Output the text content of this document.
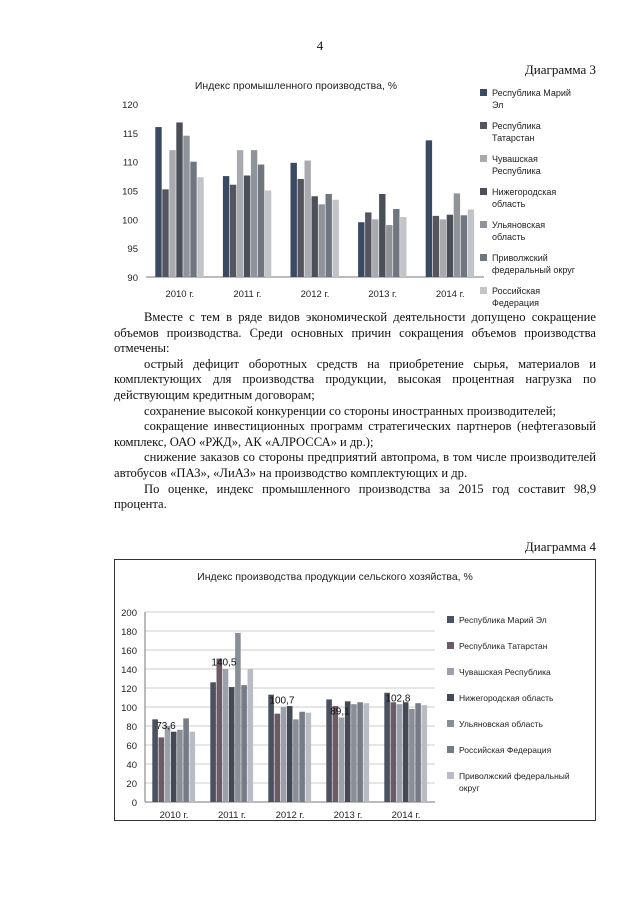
4
Диаграмма 3
Индекс промышленного производства, %
90
95
100
105
110
115
120
2010 г.	2011 г.	2012 г.	2013 г.	2014 г.
Республика Марий
Эл
Республика
Татарстан
Чувашская
Республика
Нижегородская
область
Ульяновская
область
Приволжский
федеральный округ
Российская
Федерация

Вместе с тем в ряде видов экономической деятельности допущено сокращение объемов производства. Среди основных причин сокращения объемов производства отмечены:

острый дефицит оборотных средств на приобретение сырья, материалов и комплектующих для производства продукции, высокая процентная нагрузка по действующим кредитным договорам;

сохранение высокой конкуренции со стороны иностранных производителей;

сокращение инвестиционных программ стратегических партнеров (нефтегазовый комплекс, ОАО «РЖД», АК «АЛРОССА» и др.);

снижение заказов со стороны предприятий автопрома, в том числе производителей автобусов «ПАЗ», «ЛиАЗ» на производство комплектующих и др.

По оценке, индекс промышленного производства за 2015 год составит 98,9 процента.

Диаграмма 4
Индекс производства продукции сельского хозяйства, %
0
20
40
60
80
100
120
140
160
180
200
2010 г.
73,6
2011 г.
140,5
2012 г.
100,7
2013 г.
89,1
2014 г.
102,8
Республика Марий Эл
Республика Татарстан
Чувашская Республика
Нижегородская область
Ульяновская область
Российская Федерация
Приволжский федеральный
округ
